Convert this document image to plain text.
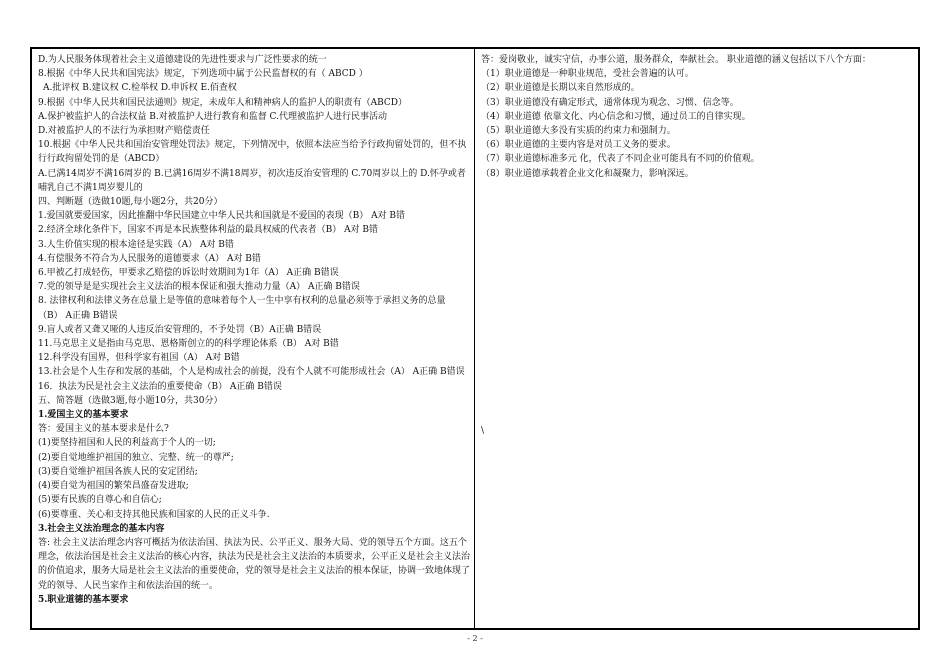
D.为人民服务体现着社会主义道德建设的先进性要求与广泛性要求的统一
8.根据《中华人民共和国宪法》规定，下列选项中属于公民监督权的有（ ABCD ）
A.批评权 B.建议权 C.检举权 D.申诉权 E.佰查权
9.根据《中华人民共和国民法通则》规定，未成年人和精神病人的监护人的职责有（ABCD）
A.保护被监护人的合法权益 B.对被监护人进行教育和监督 C.代理被监护人进行民事活动
D.对被监护人的不法行为承担财产赔偿责任
10.根据《中华人民共和国治安管理处罚法》规定，下列情况中，依照本法应当给予行政拘留处罚的，但不执行行政拘留处罚的是（ABCD）
A.已满14周岁不满16周岁的 B.已满16周岁不满18周岁，初次违反治安管理的 C.70周岁以上的 D.怀孕或者哺乳自己不满1周岁婴儿的
四、判断题（选做10题,每小题2分，共20分）
1.爱国就要爱国家，因此推翻中华民国建立中华人民共和国就是不爱国的表现（B） A对 B错
2.经济全球化条件下，国家不再是本民族整体利益的最具权威的代表者（B） A对 B错
3.人生价值实现的根本途径是实践（A） A对 B错
4.有偿服务不符合为人民服务的道德要求（A） A对 B错
6.甲被乙打成轻伤，甲要求乙赔偿的诉讼时效期间为1年（A） A正确 B错误
7.党的领导是是实现社会主义法治的根本保证和强大推动力量（A） A正确 B错误
8. 法律权利和法律义务在总量上是等值的意味着每个人一生中享有权利的总量必须等于承担义务的总量（B） A正确 B错误
9.盲人或者又聋又哑的人违反治安管理的，不予处罚（B）A正确 B错误
11.马克思主义是指由马克思、恩格斯创立的的科学理论体系（B） A对 B错
12.科学没有国界，但科学家有祖国（A） A对 B错
13.社会是个人生存和发展的基础，个人是构成社会的前提，没有个人就不可能形成社会（A） A正确 B错误
16．执法为民是社会主义法治的重要使命（B） A正确 B错误
五、简答题（选做3题,每小题10分，共30分）
1.爱国主义的基本要求
答：爱国主义的基本要求是什么?
(1)要坚持祖国和人民的利益高于个人的一切;
(2)要自觉地维护祖国的独立、完整、统一的尊严;
(3)要自觉维护祖国各族人民的安定团结;
(4)要自觉为祖国的繁荣昌盛奋发进取;
(5)要有民族的自尊心和自信心;
(6)要尊重、关心和支持其他民族和国家的人民的正义斗争.
3.社会主义法治理念的基本内容
答: 社会主义法治理念内容可概括为依法治国、执法为民、公平正义、服务大局、党的领导五个方面。这五个理念，依法治国是社会主义法治的核心内容，执法为民是社会主义法治的本质要求，公平正义是社会主义法治的价值追求，服务大局是社会主义法治的重要使命，党的领导是社会主义法治的根本保证，协调一致地体现了党的领导、人民当家作主和依法治国的统一。
5.职业道德的基本要求
答：爱岗敬业，诚实守信，办事公道，服务群众，奉献社会。 职业道德的涵义包括以下八个方面：
（1）职业道德是一种职业规范，受社会普遍的认可。
（2）职业道德是长期以来自然形成的。
（3）职业道德没有确定形式，通常体现为观念、习惯、信念等。
（4）职业道德 依靠文化、内心信念和习惯，通过员工的自律实现。
（5）职业道德大多没有实质的约束力和强制力。
（6）职业道德的主要内容是对员工义务的要求。
（7）职业道德标准多元 化，代表了不同企业可能具有不同的价值观。
（8）职业道德承载着企业文化和凝聚力，影响深远。
\
- 2 -
